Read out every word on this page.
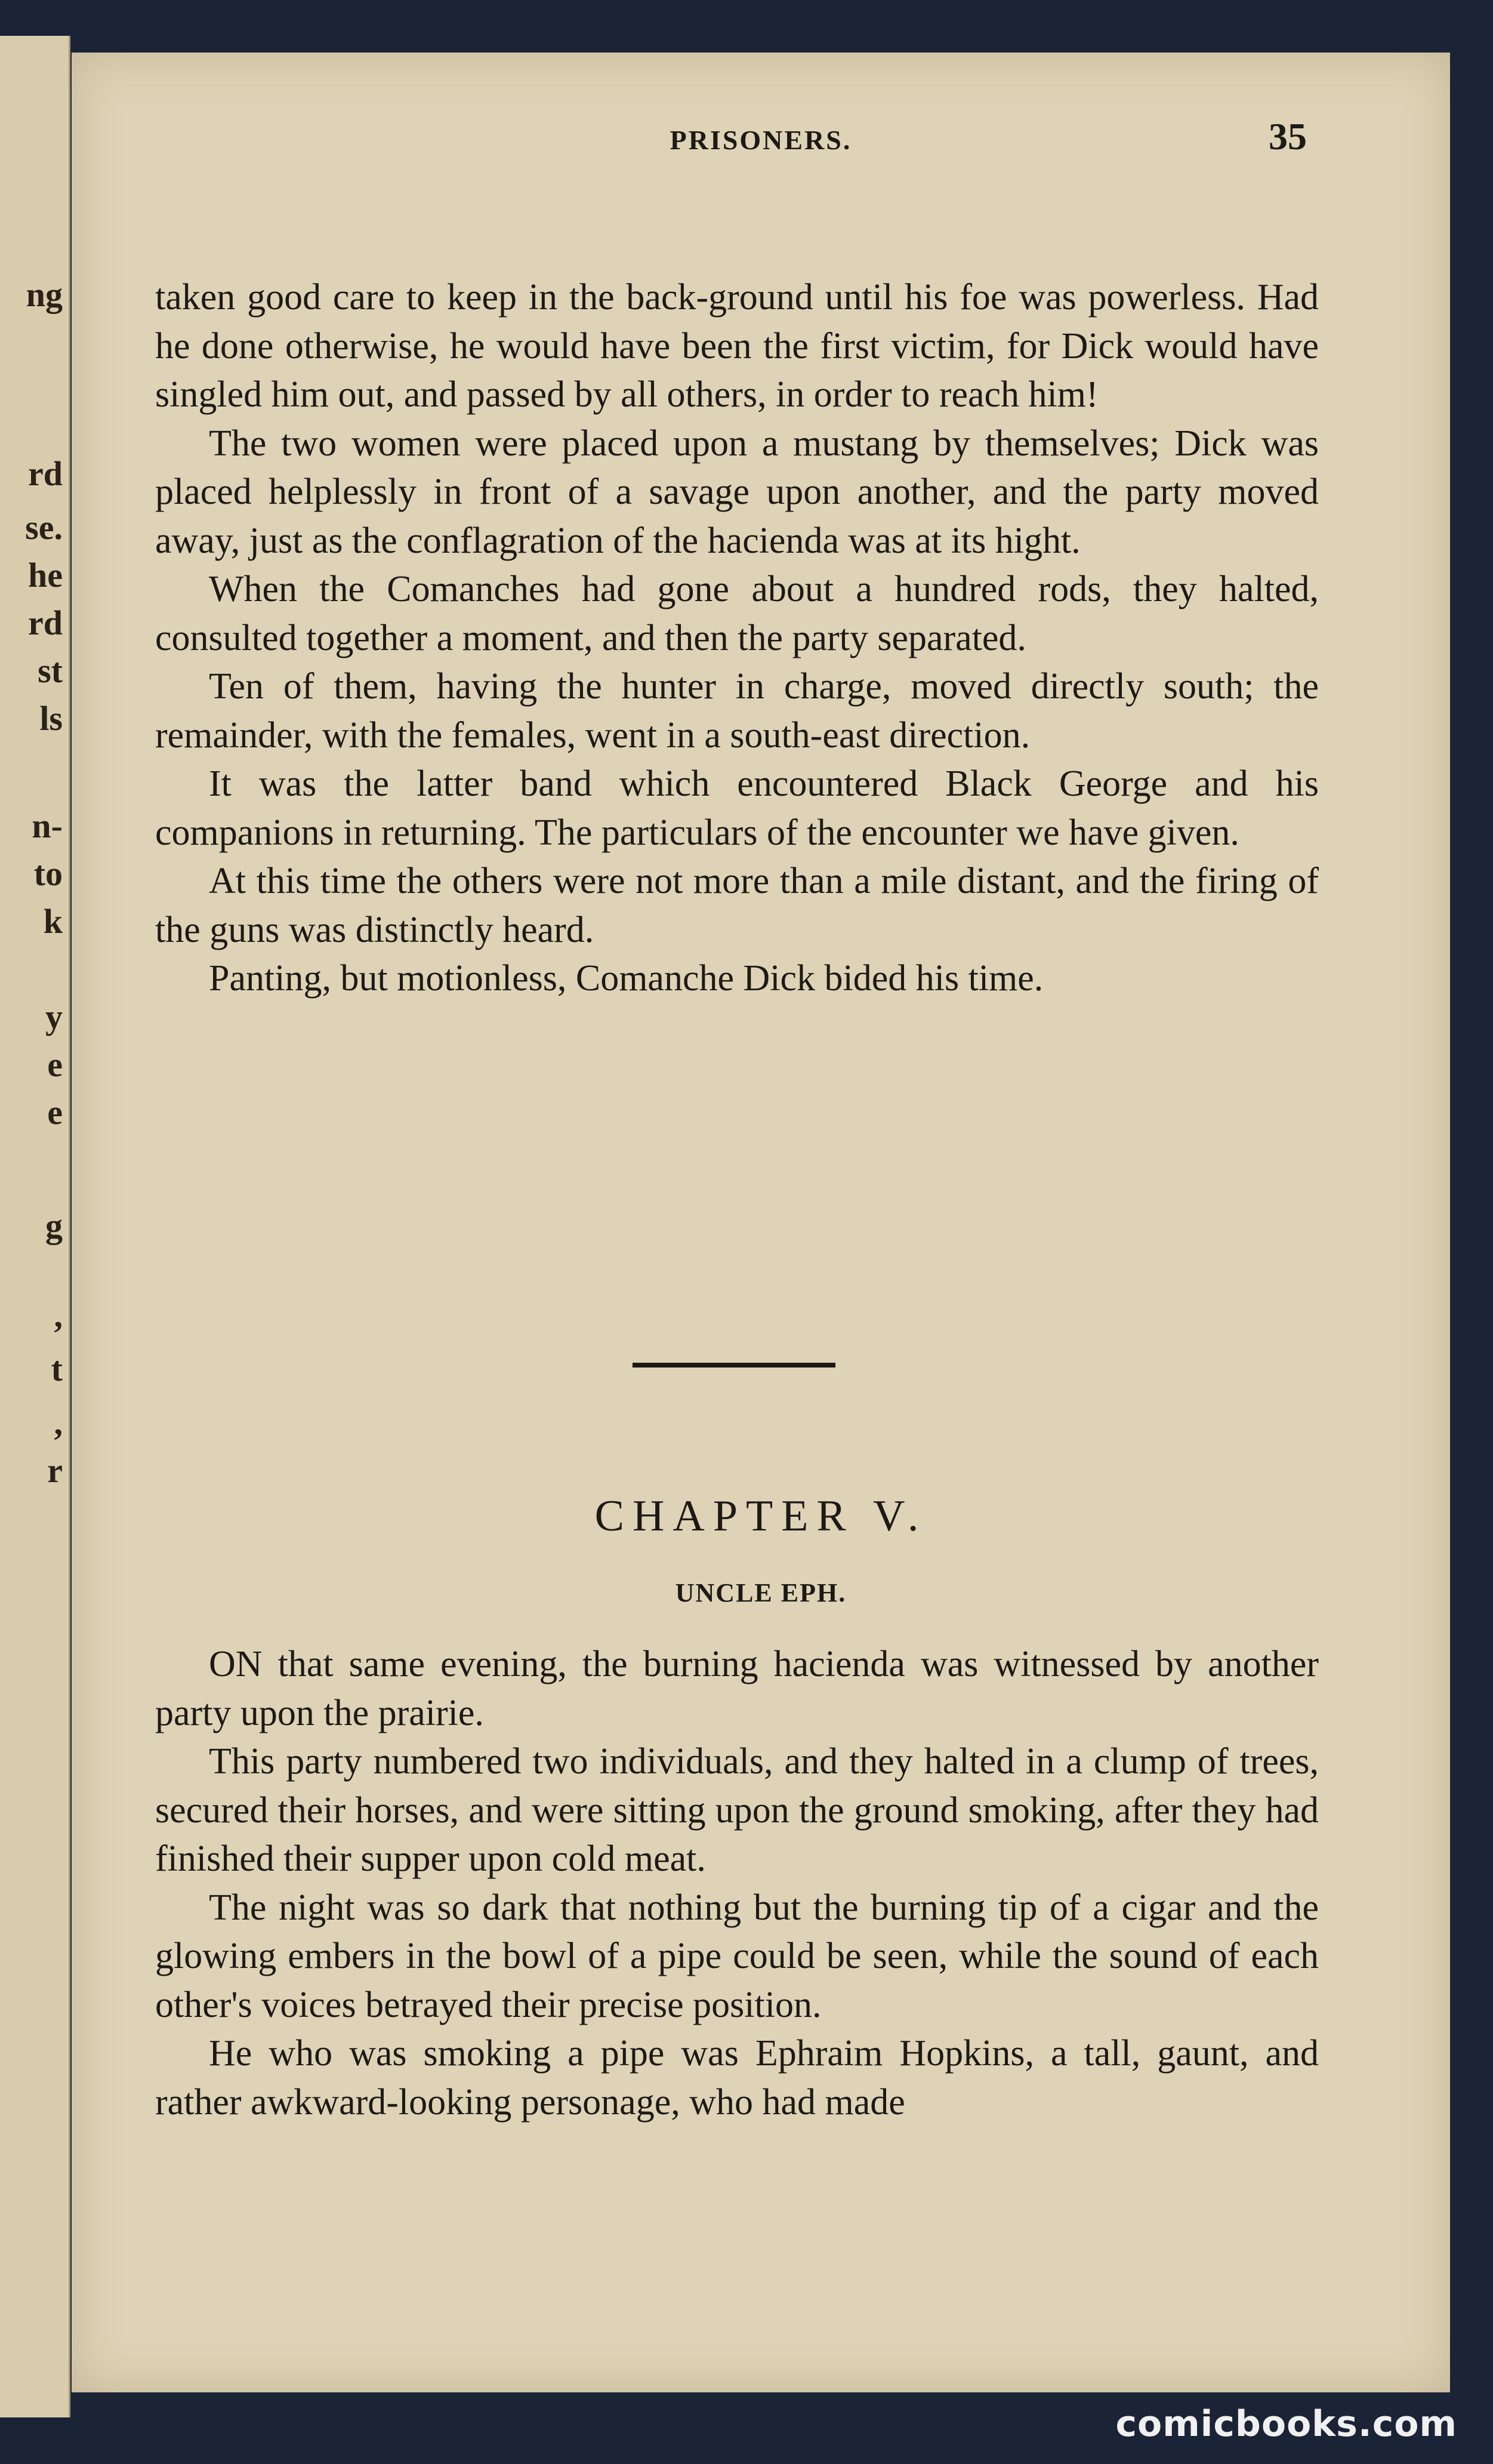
ng
rd
se.
he
rd
st
ls
n-
to
k
y
e
e
g
,
t
,
r
PRISONERS.	35

taken good care to keep in the back-ground until his foe was powerless. Had he done otherwise, he would have been the first victim, for Dick would have singled him out, and passed by all others, in order to reach him!

The two women were placed upon a mustang by themselves; Dick was placed helplessly in front of a savage upon another, and the party moved away, just as the conflagration of the hacienda was at its hight.

When the Comanches had gone about a hundred rods, they halted, consulted together a moment, and then the party separated.

Ten of them, having the hunter in charge, moved directly south; the remainder, with the females, went in a south-east direction.

It was the latter band which encountered Black George and his companions in returning. The particulars of the encounter we have given.

At this time the others were not more than a mile distant, and the firing of the guns was distinctly heard.

Panting, but motionless, Comanche Dick bided his time.

CHAPTER V.
UNCLE EPH.

ON that same evening, the burning hacienda was witnessed by another party upon the prairie.

This party numbered two individuals, and they halted in a clump of trees, secured their horses, and were sitting upon the ground smoking, after they had finished their supper upon cold meat.

The night was so dark that nothing but the burning tip of a cigar and the glowing embers in the bowl of a pipe could be seen, while the sound of each other's voices betrayed their precise position.

He who was smoking a pipe was Ephraim Hopkins, a tall, gaunt, and rather awkward-looking personage, who had made

comicbooks.com
